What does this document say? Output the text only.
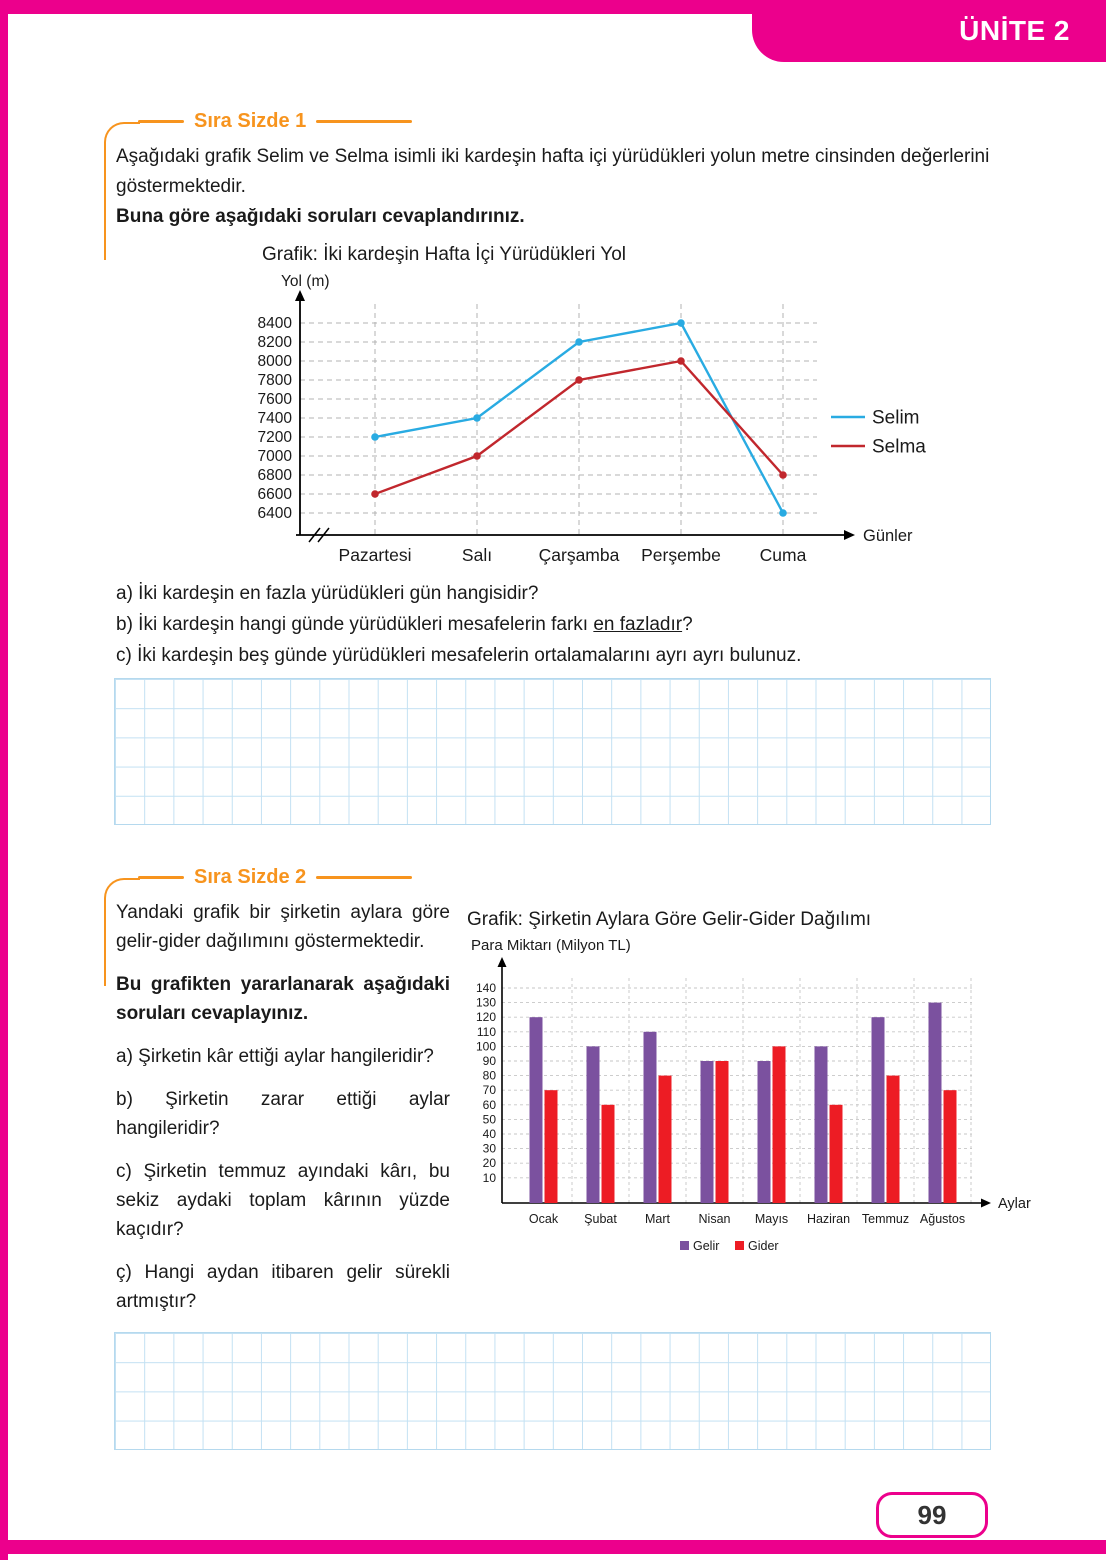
ÜNİTE 2
Sıra Sizde 1

Aşağıdaki grafik Selim ve Selma isimli iki kardeşin hafta içi yürüdükleri yolun metre cinsinden değerlerini göstermektedir.

Buna göre aşağıdaki soruları cevaplandırınız.

Grafik: İki kardeşin Hafta İçi Yürüdükleri Yol

6400
6600
6800
7000
7200
7400
7600
7800
8000
8200
8400
Pazartesi	Salı	Çarşamba Perşembe Cuma
Yol (m)
Günler
Selim
Selma

a) İki kardeşin en fazla yürüdükleri gün hangisidir?

b) İki kardeşin hangi günde yürüdükleri mesafelerin farkı en fazladır?

c) İki kardeşin beş günde yürüdükleri mesafelerin ortalamalarını ayrı ayrı bulunuz.

Sıra Sizde 2

Yandaki grafik bir şirketin aylara göre gelir-gider dağılımını göstermektedir.

Bu grafikten yararlanarak aşağıdaki soruları cevaplayınız.

a) Şirketin kâr ettiği aylar hangileridir?

b) Şirketin zarar ettiği aylar hangileridir?

c) Şirketin temmuz ayındaki kârı, bu sekiz aydaki toplam kârının yüzde kaçıdır?

ç) Hangi aydan itibaren gelir sürekli artmıştır?

Grafik: Şirketin Aylara Göre Gelir-Gider Dağılımı

Para Miktarı (Milyon TL)

10
20
30
40
50
60
70
80
90
100
110
120
130
140
Ocak Şubat Mart Nisan Mayıs Haziran Temmuz Ağustos
Aylar
Gelir Gider
99
